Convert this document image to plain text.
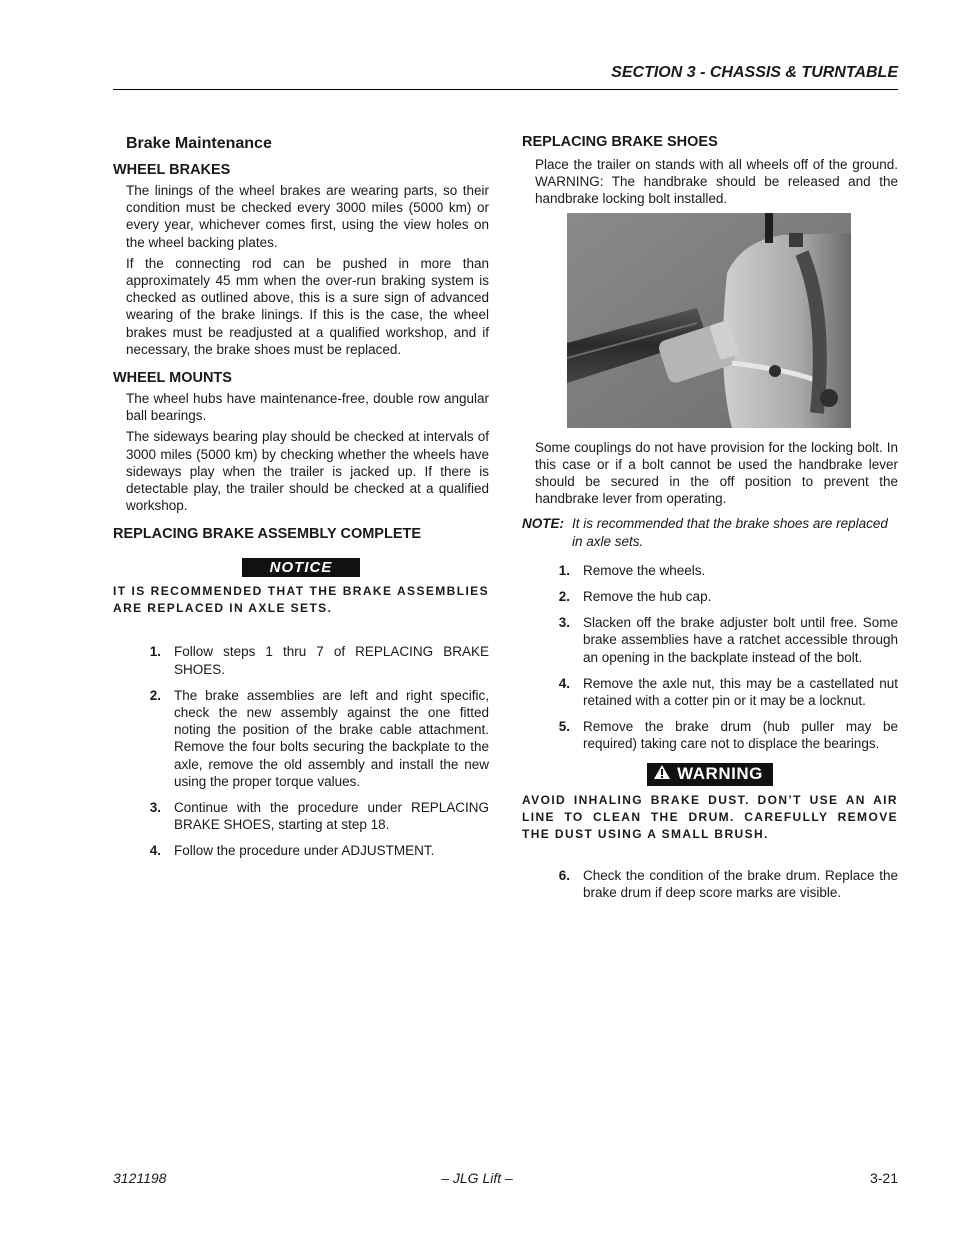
SECTION 3 - CHASSIS & TURNTABLE
Brake Maintenance
WHEEL BRAKES

The linings of the wheel brakes are wearing parts, so their condition must be checked every 3000 miles (5000 km) or every year, whichever comes first, using the view holes on the wheel backing plates.

If the connecting rod can be pushed in more than approximately 45 mm when the over-run braking system is checked as outlined above, this is a sure sign of advanced wearing of the brake linings. If this is the case, the wheel brakes must be readjusted at a qualified workshop, and if necessary, the brake shoes must be replaced.

WHEEL MOUNTS

The wheel hubs have maintenance-free, double row angular ball bearings.

The sideways bearing play should be checked at intervals of 3000 miles (5000 km) by checking whether the wheels have sideways play when the trailer is jacked up. If there is detectable play, the trailer should be checked at a qualified workshop.

REPLACING BRAKE ASSEMBLY COMPLETE
NOTICE

IT IS RECOMMENDED THAT THE BRAKE ASSEMBLIES ARE REPLACED IN AXLE SETS.

1. Follow steps 1 thru 7 of REPLACING BRAKE SHOES.
2. The brake assemblies are left and right specific, check the new assembly against the one fitted noting the position of the brake cable attachment. Remove the four bolts securing the backplate to the axle, remove the old assembly and install the new using the proper torque values.
3. Continue with the procedure under REPLACING BRAKE SHOES, starting at step 18.
4. Follow the procedure under ADJUSTMENT.
REPLACING BRAKE SHOES

Place the trailer on stands with all wheels off of the ground. WARNING: The handbrake should be released and the handbrake locking bolt installed.

Some couplings do not have provision for the locking bolt. In this case or if a bolt cannot be used the handbrake lever should be secured in the off position to prevent the handbrake lever from operating.

NOTE: It is recommended that the brake shoes are replaced in axle sets.
1. Remove the wheels.
2. Remove the hub cap.
3. Slacken off the brake adjuster bolt until free. Some brake assemblies have a ratchet accessible through an opening in the backplate instead of the bolt.
4. Remove the axle nut, this may be a castellated nut retained with a cotter pin or it may be a locknut.
5. Remove the brake drum (hub puller may be required) taking care not to displace the bearings.
WARNING

AVOID INHALING BRAKE DUST. DON’T USE AN AIR LINE TO CLEAN THE DRUM. CAREFULLY REMOVE THE DUST USING A SMALL BRUSH.

6. Check the condition of the brake drum. Replace the brake drum if deep score marks are visible.
3121198	– JLG Lift –	3-21
